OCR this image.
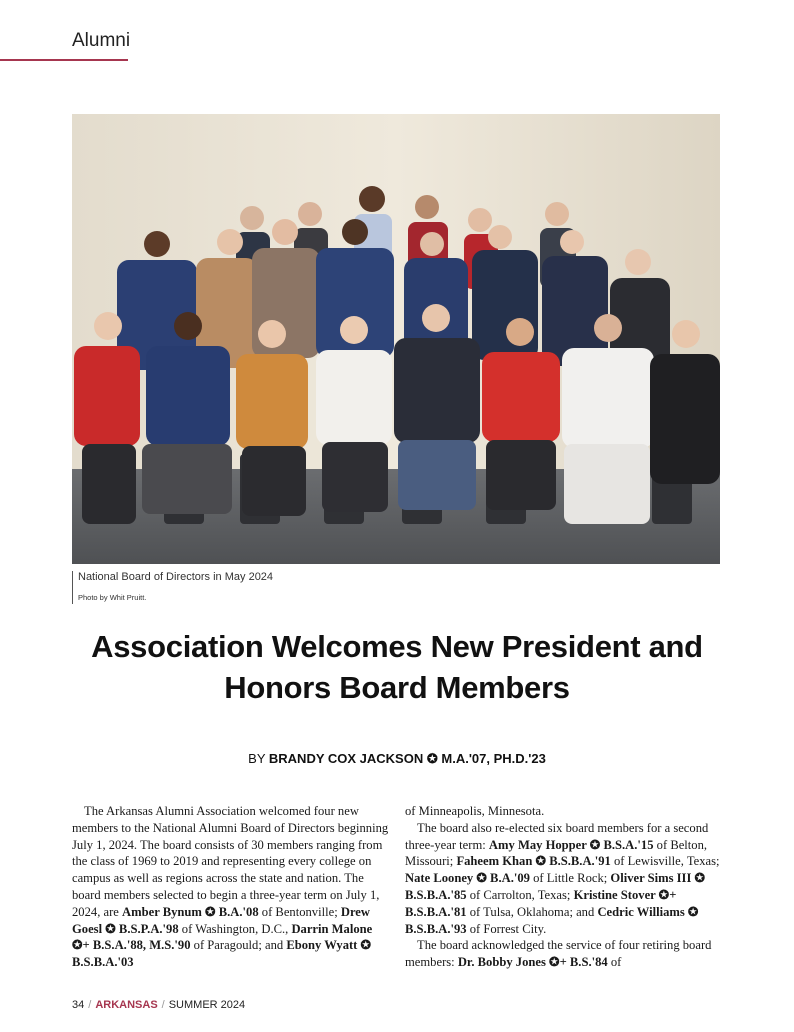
Alumni
National Board of Directors in May 2024
Photo by Whit Pruitt.
Association Welcomes New President and
Honors Board Members
BY BRANDY COX JACKSON ✪ M.A.'07, PH.D.'23

The Arkansas Alumni Association welcomed four new members to the National Alumni Board of Directors beginning July 1, 2024. The board consists of 30 members ranging from the class of 1969 to 2019 and representing every college on campus as well as regions across the state and nation. The board members selected to begin a three-year term on July 1, 2024, are Amber Bynum ✪ B.A.'08 of Bentonville; Drew Goesl ✪ B.S.P.A.'98 of Washington, D.C., Darrin Malone ✪+ B.S.A.'88, M.S.'90 of Paragould; and Ebony Wyatt ✪ B.S.B.A.'03

of Minneapolis, Minnesota.

The board also re-elected six board members for a second three-year term: Amy May Hopper ✪ B.S.A.'15 of Belton, Missouri; Faheem Khan ✪ B.S.B.A.'91 of Lewisville, Texas; Nate Looney ✪ B.A.'09 of Little Rock; Oliver Sims III ✪ B.S.B.A.'85 of Carrolton, Texas; Kristine Stover ✪+ B.S.B.A.'81 of Tulsa, Oklahoma; and Cedric Williams ✪ B.S.B.A.'93 of Forrest City.

The board acknowledged the service of four retiring board members: Dr. Bobby Jones ✪+ B.S.'84 of

34 / ARKANSAS / SUMMER 2024
